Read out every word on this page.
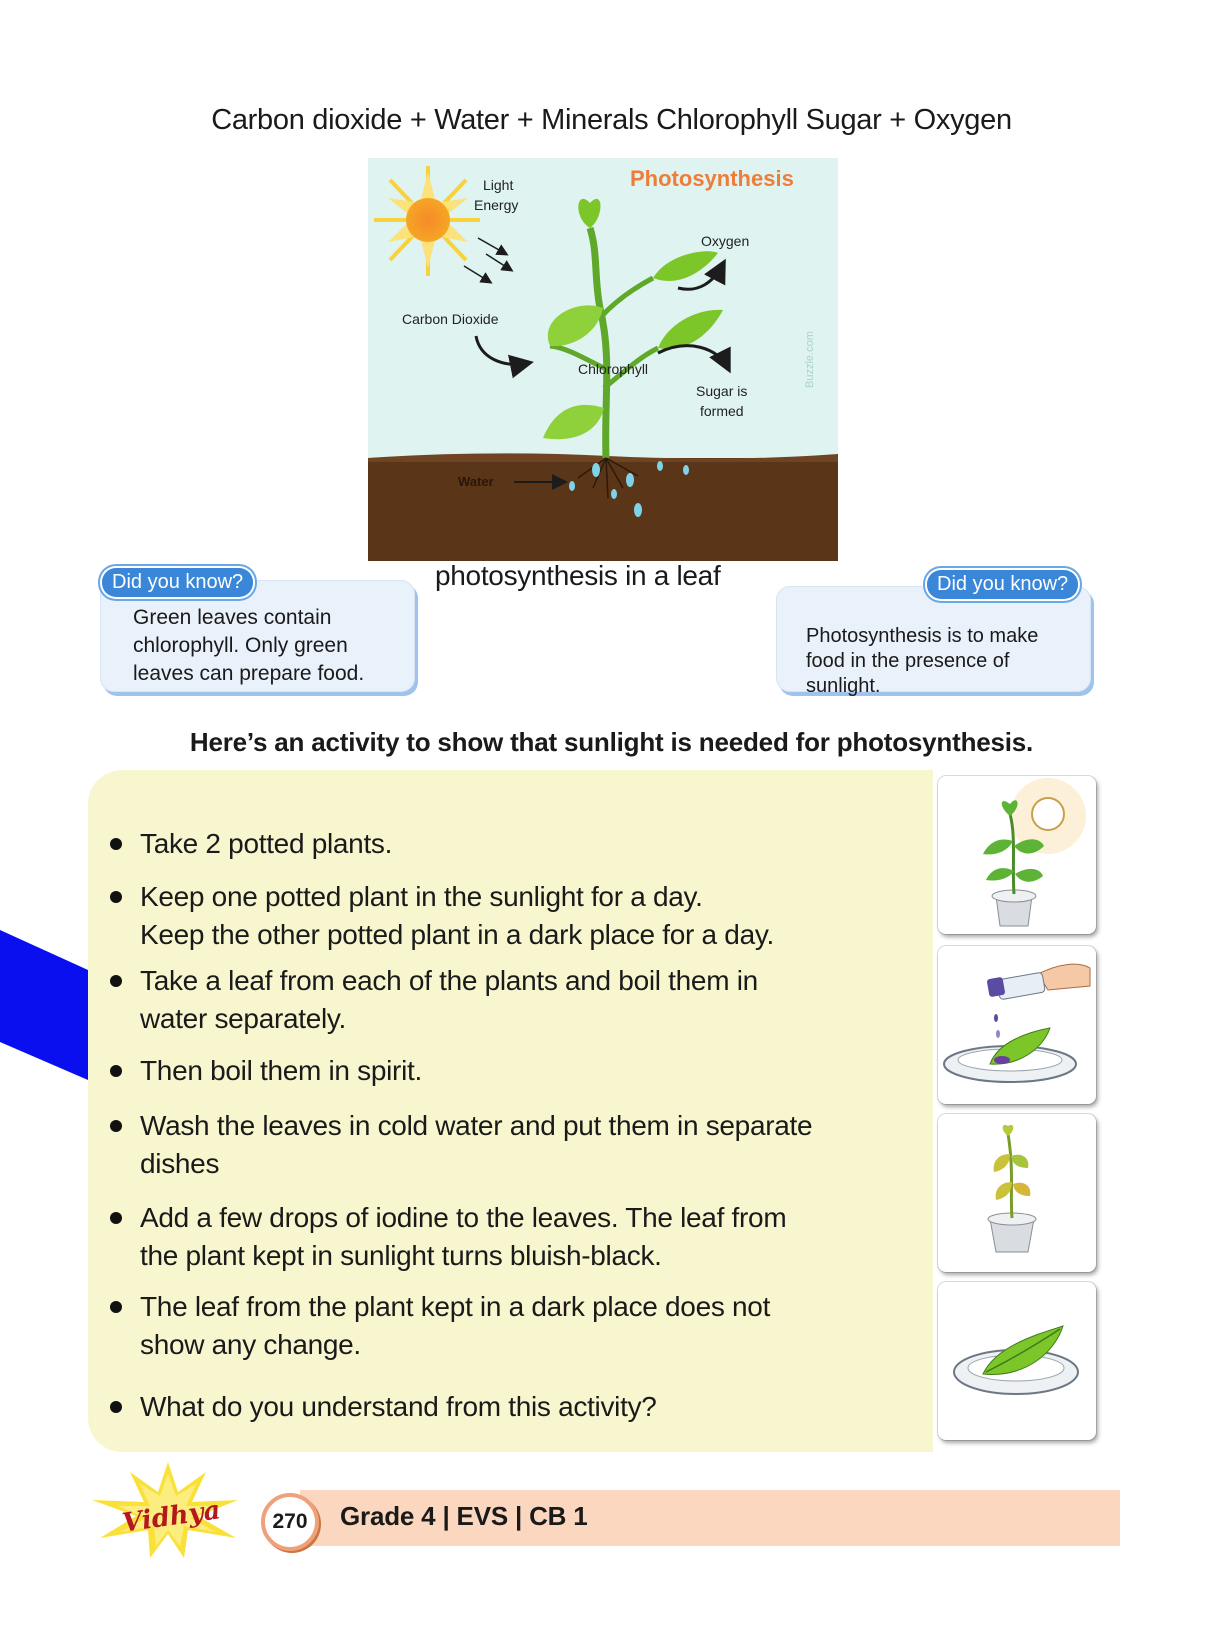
Carbon dioxide + Water + Minerals Chlorophyll Sugar + Oxygen
Photosynthesis
Light
Energy
Oxygen
Carbon Dioxide
Chlorophyll
Sugar is
formed
Water
Buzzle.com
photosynthesis in a leaf
Did you know?
Green leaves contain
chlorophyll. Only green
leaves can prepare food.
Did you know?
Photosynthesis is to make
food in the presence of
sunlight.
Here’s an activity to show that sunlight is needed for photosynthesis.
Take 2 potted plants.
Keep one potted plant in the sunlight for a day.
Keep the other potted plant in a dark place for a day.
Take a leaf from each of the plants and boil them in
water separately.
Then boil them in spirit.
Wash the leaves in cold water and put them in separate
dishes
Add a few drops of iodine to the leaves. The leaf from
the plant kept in sunlight turns bluish-black.
The leaf from the plant kept in a dark place does not
show any change.
What do you understand from this activity?
Grade 4 | EVS | CB 1
270
Vidhya
